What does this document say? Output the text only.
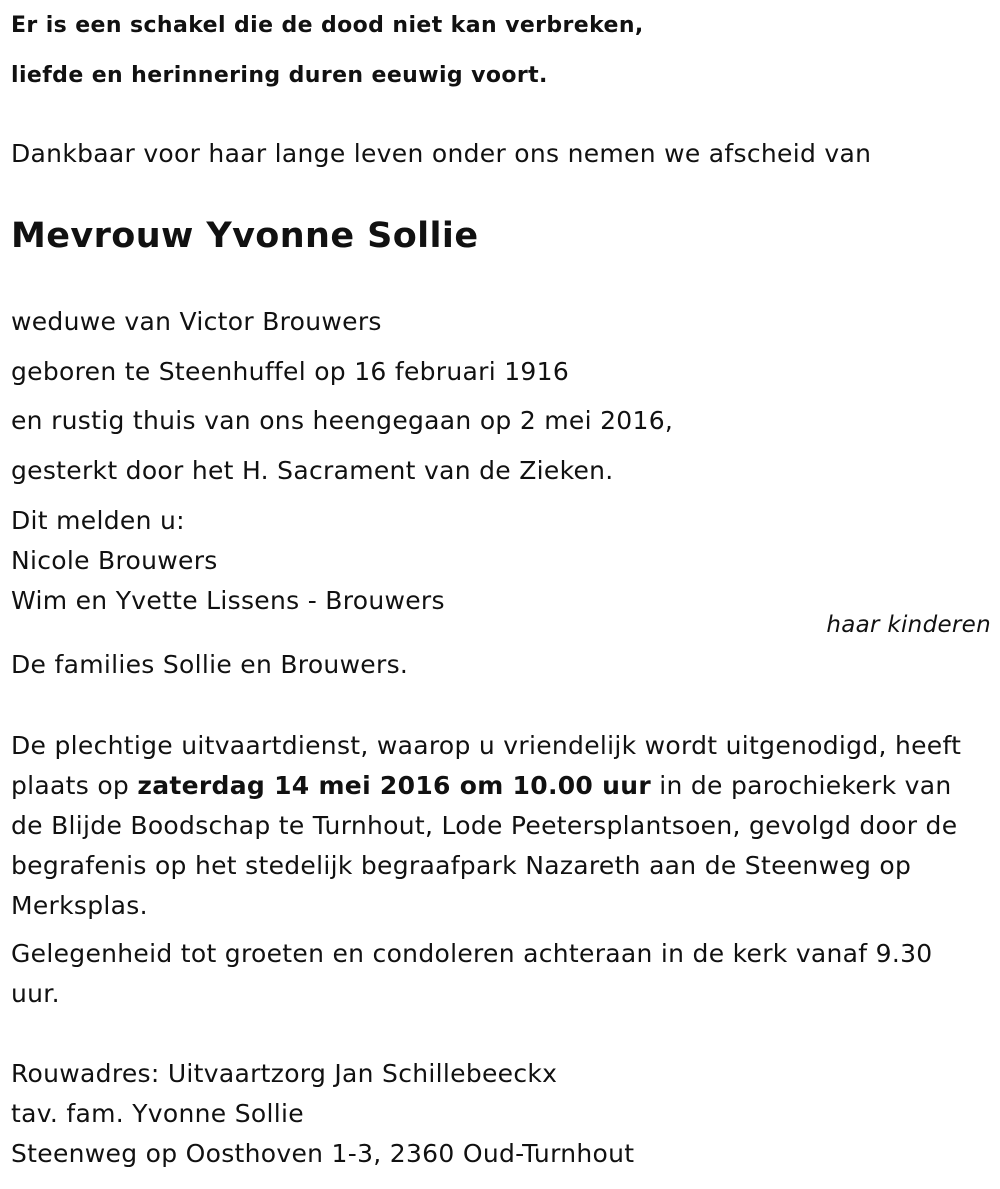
Er is een schakel die de dood niet kan verbreken,
liefde en herinnering duren eeuwig voort.
Dankbaar voor haar lange leven onder ons nemen we afscheid van
Mevrouw Yvonne Sollie
weduwe van Victor Brouwers
geboren te Steenhuffel op 16 februari 1916
en rustig thuis van ons heengegaan op 2 mei 2016,
gesterkt door het H. Sacrament van de Zieken.
Dit melden u:
Nicole Brouwers
Wim en Yvette Lissens - Brouwers
haar kinderen
De families Sollie en Brouwers.
De plechtige uitvaartdienst, waarop u vriendelijk wordt uitgenodigd, heeft plaats op zaterdag 14 mei 2016 om 10.00 uur in de parochiekerk van de Blijde Boodschap te Turnhout, Lode Peetersplantsoen, gevolgd door de begrafenis op het stedelijk begraafpark Nazareth aan de Steenweg op Merksplas.
Gelegenheid tot groeten en condoleren achteraan in de kerk vanaf 9.30 uur.
Rouwadres: Uitvaartzorg Jan Schillebeeckx
tav. fam. Yvonne Sollie
Steenweg op Oosthoven 1-3, 2360 Oud-Turnhout
